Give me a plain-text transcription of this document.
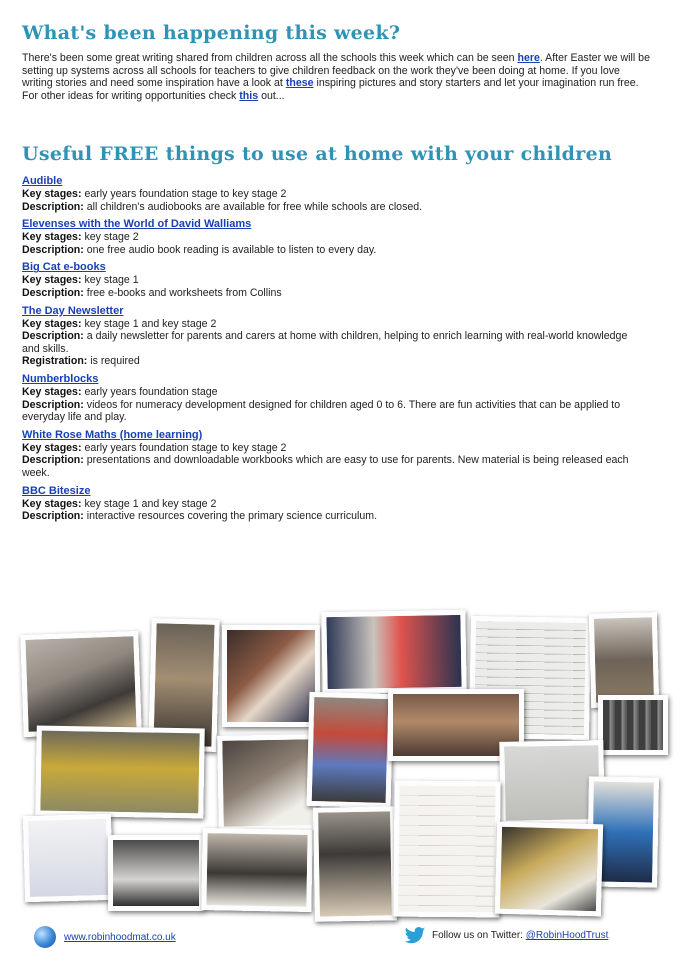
What's been happening this week?

There's been some great writing shared from children across all the schools this week which can be seen here. After Easter we will be setting up systems across all schools for teachers to give children feedback on the work they've been doing at home. If you love writing stories and need some inspiration have a look at these inspiring pictures and story starters and let your imagination run free. For other ideas for writing opportunities check this out...

Useful FREE things to use at home with your children
Audible
Key stages: early years foundation stage to key stage 2
Description: all children's audiobooks are available for free while schools are closed.
Elevenses with the World of David Walliams
Key stages: key stage 2
Description: one free audio book reading is available to listen to every day.
Big Cat e-books
Key stages: key stage 1
Description: free e-books and worksheets from Collins
The Day Newsletter
Key stages: key stage 1 and key stage 2
Description: a daily newsletter for parents and carers at home with children, helping to enrich learning with real-world knowledge and skills.
Registration: is required
Numberblocks
Key stages: early years foundation stage
Description: videos for numeracy development designed for children aged 0 to 6. There are fun activities that can be applied to everyday life and play.
White Rose Maths (home learning)
Key stages: early years foundation stage to key stage 2
Description: presentations and downloadable workbooks which are easy to use for parents. New material is being released each week.
BBC Bitesize
Key stages: key stage 1 and key stage 2
Description: interactive resources covering the primary science curriculum.
www.robinhoodmat.co.uk	Follow us on Twitter: @RobinHoodTrust
